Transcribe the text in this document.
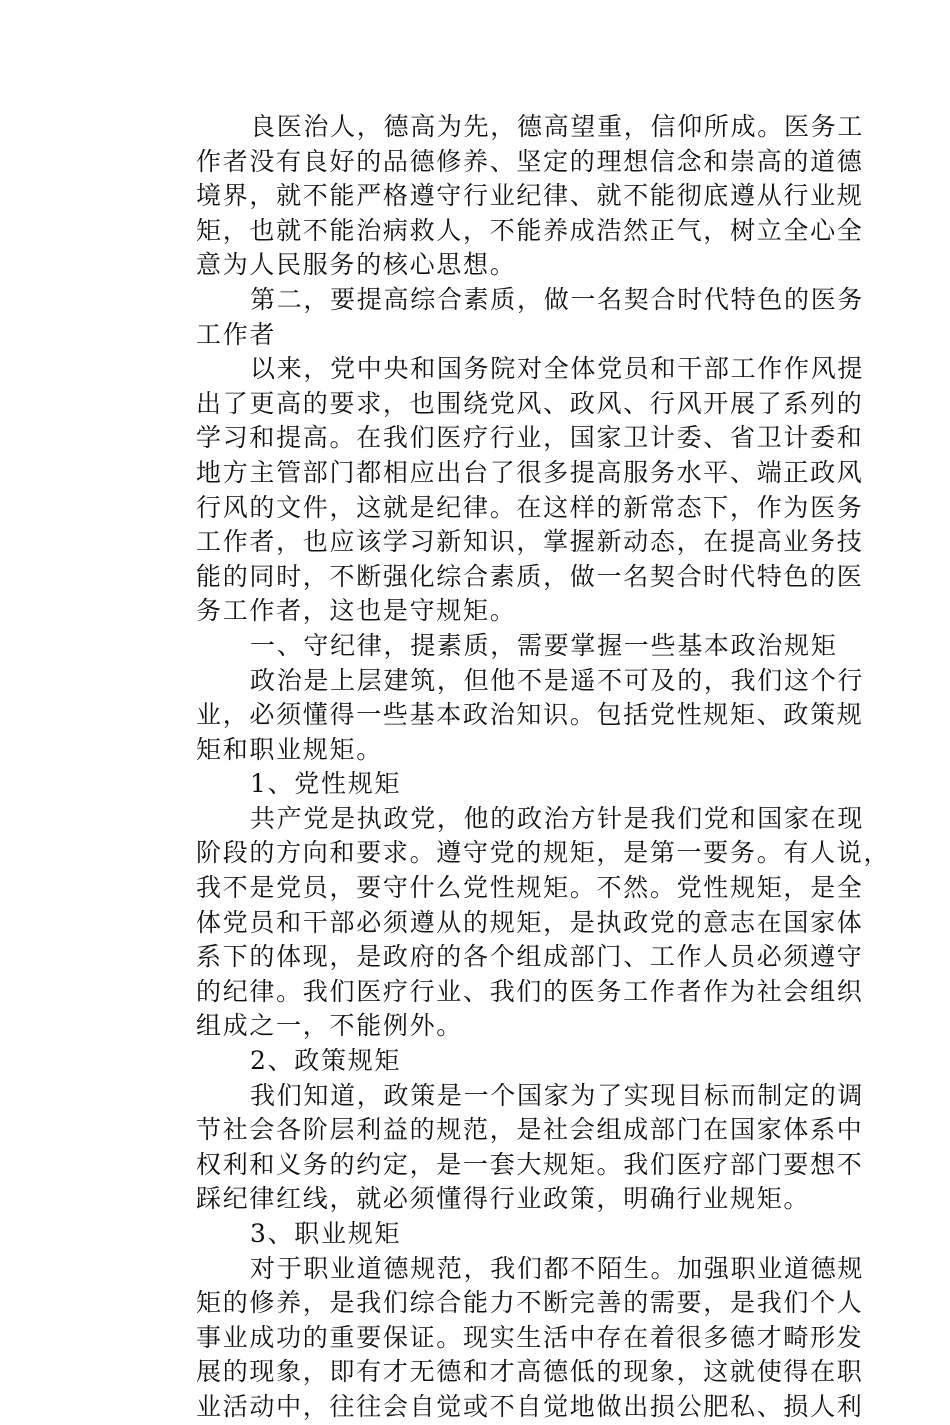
良医治人，德高为先，德高望重，信仰所成。医务工
作者没有良好的品德修养、坚定的理想信念和崇高的道德
境界，就不能严格遵守行业纪律、就不能彻底遵从行业规
矩，也就不能治病救人，不能养成浩然正气，树立全心全
意为人民服务的核心思想。
第二，要提高综合素质，做一名契合时代特色的医务
工作者
以来，党中央和国务院对全体党员和干部工作作风提
出了更高的要求，也围绕党风、政风、行风开展了系列的
学习和提高。在我们医疗行业，国家卫计委、省卫计委和
地方主管部门都相应出台了很多提高服务水平、端正政风
行风的文件，这就是纪律。在这样的新常态下，作为医务
工作者，也应该学习新知识，掌握新动态，在提高业务技
能的同时，不断强化综合素质，做一名契合时代特色的医
务工作者，这也是守规矩。
一、守纪律，提素质，需要掌握一些基本政治规矩
政治是上层建筑，但他不是遥不可及的，我们这个行
业，必须懂得一些基本政治知识。包括党性规矩、政策规
矩和职业规矩。
1、党性规矩
共产党是执政党，他的政治方针是我们党和国家在现
阶段的方向和要求。遵守党的规矩，是第一要务。有人说，
我不是党员，要守什么党性规矩。不然。党性规矩，是全
体党员和干部必须遵从的规矩，是执政党的意志在国家体
系下的体现，是政府的各个组成部门、工作人员必须遵守
的纪律。我们医疗行业、我们的医务工作者作为社会组织
组成之一，不能例外。
2、政策规矩
我们知道，政策是一个国家为了实现目标而制定的调
节社会各阶层利益的规范，是社会组成部门在国家体系中
权利和义务的约定，是一套大规矩。我们医疗部门要想不
踩纪律红线，就必须懂得行业政策，明确行业规矩。
3、职业规矩
对于职业道德规范，我们都不陌生。加强职业道德规
矩的修养，是我们综合能力不断完善的需要，是我们个人
事业成功的重要保证。现实生活中存在着很多德才畸形发
展的现象，即有才无德和才高德低的现象，这就使得在职
业活动中，往往会自觉或不自觉地做出损公肥私、损人利
